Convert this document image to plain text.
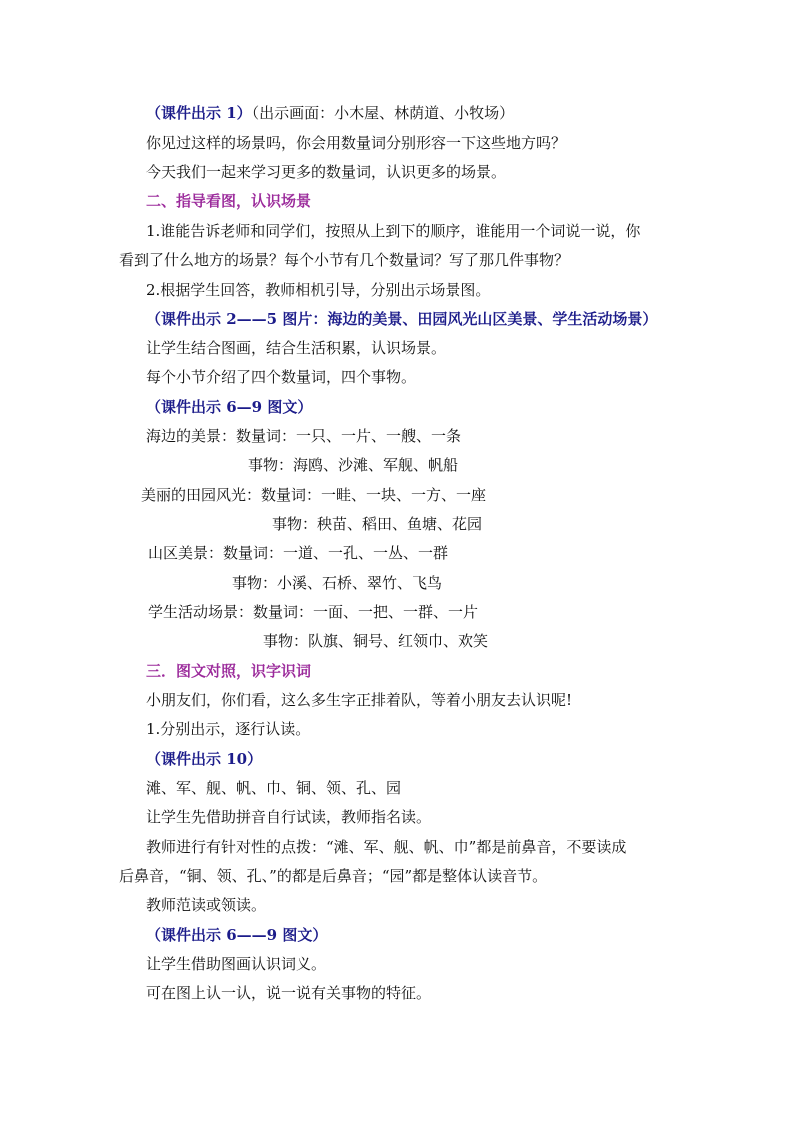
（课件出示 1）（出示画面：小木屋、林荫道、小牧场）
你见过这样的场景吗，你会用数量词分别形容一下这些地方吗？
今天我们一起来学习更多的数量词，认识更多的场景。
二、指导看图，认识场景
1.谁能告诉老师和同学们，按照从上到下的顺序，谁能用一个词说一说，你
看到了什么地方的场景？每个小节有几个数量词？写了那几件事物？
2.根据学生回答，教师相机引导，分别出示场景图。
（课件出示 2——5 图片：海边的美景、田园风光山区美景、学生活动场景）
让学生结合图画，结合生活积累，认识场景。
每个小节介绍了四个数量词，四个事物。
（课件出示 6—9 图文）
海边的美景：数量词：一只、一片、一艘、一条
事物：海鸥、沙滩、军舰、帆船
美丽的田园风光：数量词：一畦、一块、一方、一座
事物：秧苗、稻田、鱼塘、花园
山区美景：数量词：一道、一孔、一丛、一群
事物：小溪、石桥、翠竹、飞鸟
学生活动场景：数量词：一面、一把、一群、一片
事物：队旗、铜号、红领巾、欢笑
三．图文对照，识字识词
小朋友们，你们看，这么多生字正排着队，等着小朋友去认识呢!
1.分别出示，逐行认读。
（课件出示 10）
滩、军、舰、帆、巾、铜、领、孔、园
让学生先借助拼音自行试读，教师指名读。
教师进行有针对性的点拨：“滩、军、舰、帆、巾”都是前鼻音，不要读成
后鼻音，“铜、领、孔、”的都是后鼻音；“园”都是整体认读音节。
教师范读或领读。
（课件出示 6——9 图文）
让学生借助图画认识词义。
可在图上认一认，说一说有关事物的特征。
